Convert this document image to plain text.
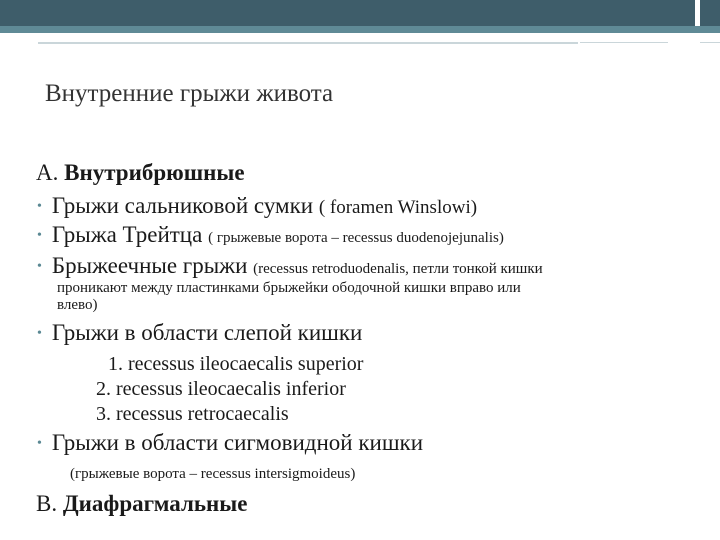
Внутренние грыжи живота
А. Внутрибрюшные
• Грыжи сальниковой сумки ( foramen Winslowi)
• Грыжа Трейтца ( грыжевые ворота – recessus duodenojejunalis)
• Брыжеечные грыжи (recessus retroduodenalis, петли тонкой кишки
проникают между пластинками брыжейки ободочной кишки вправо или
влево)
• Грыжи в области слепой кишки
1. recessus ileocaecalis superior
2. recessus ileocaecalis inferior
3. recessus retrocaecalis
• Грыжи в области сигмовидной кишки
(грыжевые ворота – recessus intersigmoideus)
В. Диафрагмальные
